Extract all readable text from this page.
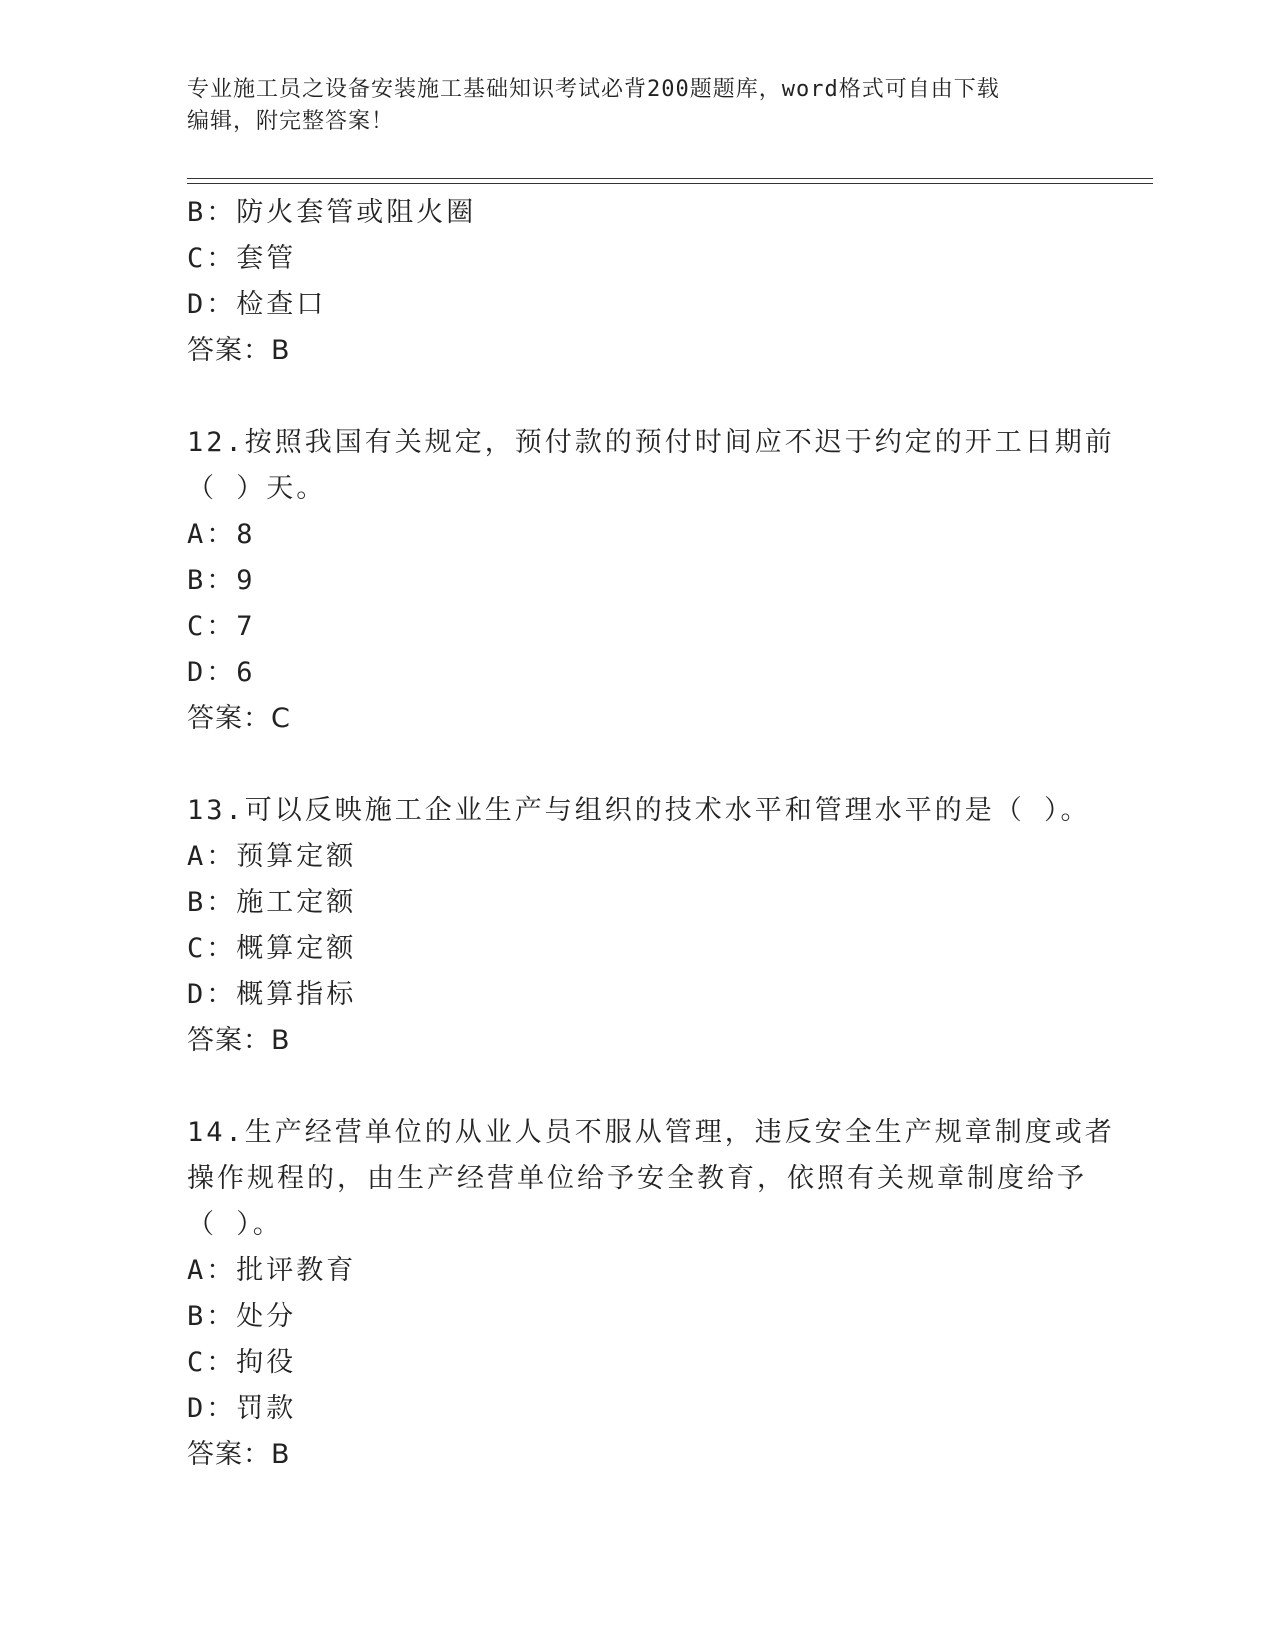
专业施工员之设备安装施工基础知识考试必背200题题库，word格式可自由下载
编辑，附完整答案！
B：防火套管或阻火圈
C：套管
D：检查口
答案：B
12.按照我国有关规定，预付款的预付时间应不迟于约定的开工日期前
（ ）天。
A：8
B：9
C：7
D：6
答案：C
13.可以反映施工企业生产与组织的技术水平和管理水平的是（ ）。
A：预算定额
B：施工定额
C：概算定额
D：概算指标
答案：B
14.生产经营单位的从业人员不服从管理，违反安全生产规章制度或者
操作规程的，由生产经营单位给予安全教育，依照有关规章制度给予
（ ）。
A：批评教育
B：处分
C：拘役
D：罚款
答案：B
